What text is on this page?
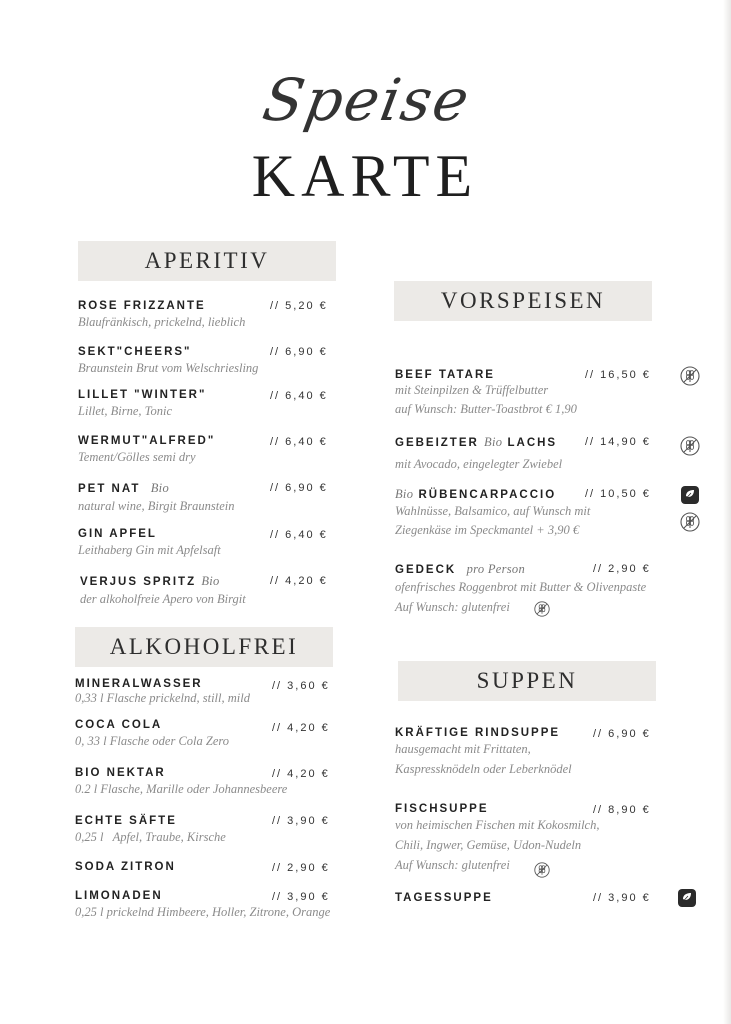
Speise
KARTE
APERITIV
ROSE FRIZZANTE
Blaufränkisch, prickelnd, lieblich
// 5,20 €
SEKT"CHEERS"
Braunstein Brut vom Welschriesling
// 6,90 €
LILLET "WINTER"
Lillet, Birne, Tonic
// 6,40 €
WERMUT"ALFRED"
Tement/Gölles semi dry
// 6,40 €
PET NAT Bio
natural wine, Birgit Braunstein
// 6,90 €
GIN APFEL
Leithaberg Gin mit Apfelsaft
// 6,40 €
VERJUS SPRITZ Bio
der alkoholfreie Apero von Birgit
// 4,20 €
ALKOHOLFREI
MINERALWASSER
0,33 l Flasche prickelnd, still, mild
// 3,60 €
COCA COLA
0, 33 l Flasche oder Cola Zero
// 4,20 €
BIO NEKTAR
0.2 l Flasche, Marille oder Johannesbeere
// 4,20 €
ECHTE SÄFTE
0,25 l   Apfel, Traube, Kirsche
// 3,90 €
SODA ZITRON	// 2,90 €
LIMONADEN
0,25 l prickelnd Himbeere, Holler, Zitrone, Orange
// 3,90 €
VORSPEISEN
BEEF TATARE
mit Steinpilzen & Trüffelbutter
auf Wunsch: Butter-Toastbrot € 1,90
// 16,50 €
GEBEIZTER Bio LACHS
mit Avocado, eingelegter Zwiebel
// 14,90 €
Bio RÜBENCARPACCIO
Wahlnüsse, Balsamico, auf Wunsch mit
Ziegenkäse im Speckmantel + 3,90 €
// 10,50 €
GEDECK pro Person
ofenfrisches Roggenbrot mit Butter & Olivenpaste
Auf Wunsch: glutenfrei
// 2,90 €
SUPPEN
KRÄFTIGE RINDSUPPE
hausgemacht mit Frittaten,
Kaspressknödeln oder Leberknödel
// 6,90 €
FISCHSUPPE
von heimischen Fischen mit Kokosmilch,
Chili, Ingwer, Gemüse, Udon-Nudeln
Auf Wunsch: glutenfrei
// 8,90 €
TAGESSUPPE	// 3,90 €
